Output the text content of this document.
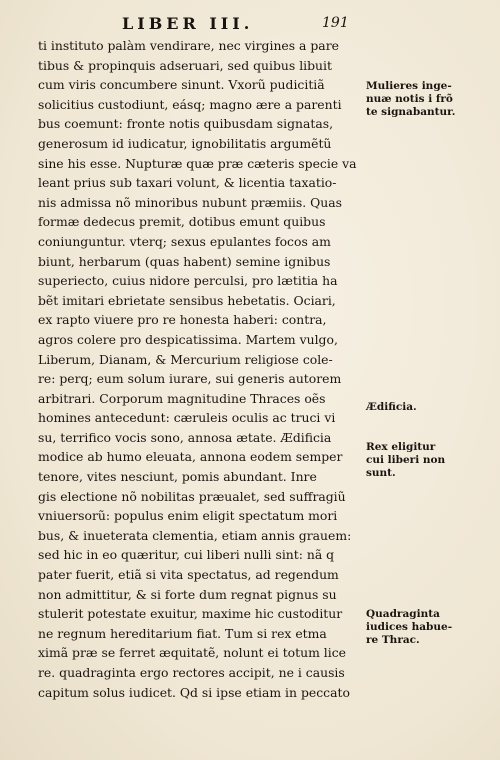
LIBER III.	191
ti instituto palàm vendirare, nec virgines a pare
tibus & propinquis adseruari, sed quibus libuit
cum viris concumbere sinunt. Vxorũ pudicitiã
solicitius custodiunt, eásq; magno ære a parenti
bus coemunt: fronte notis quibusdam signatas,
generosum id iudicatur, ignobilitatis argumẽtũ
sine his esse. Nupturæ quæ præ cæteris specie va
leant prius sub taxari volunt, & licentia taxatio-
nis admissa nõ minoribus nubunt præmiis. Quas
formæ dedecus premit, dotibus emunt quibus
coniunguntur. vterq; sexus epulantes focos am
biunt, herbarum (quas habent) semine ignibus
superiecto, cuius nidore perculsi, pro lætitia ha
bẽt imitari ebrietate sensibus hebetatis. Ociari,
ex rapto viuere pro re honesta haberi: contra,
agros colere pro despicatissima. Martem vulgo,
Liberum, Dianam, & Mercurium religiose cole-
re: perq; eum solum iurare, sui generis autorem
arbitrari. Corporum magnitudine Thraces oẽs
homines antecedunt: cæruleis oculis ac truci vi
su, terrifico vocis sono, annosa ætate. Ædificia
modice ab humo eleuata, annona eodem semper
tenore, vites nesciunt, pomis abundant. Inre
gis electione nõ nobilitas præualet, sed suffragiũ
vniuersorũ: populus enim eligit spectatum mori
bus, & inueterata clementia, etiam annis grauem:
sed hic in eo quæritur, cui liberi nulli sint: nã q
pater fuerit, etiã si vita spectatus, ad regendum
non admittitur, & si forte dum regnat pignus su
stulerit potestate exuitur, maxime hic custoditur
ne regnum hereditarium fiat. Tum si rex etma
ximã præ se ferret æquitatẽ, nolunt ei totum lice
re. quadraginta ergo rectores accipit, ne i causis
capitum solus iudicet. Qd si ipse etiam in peccato
Mulieres inge-
nuæ notis i frõ
te signabantur.
Ædificia.
Rex eligitur
cui liberi non
sunt.
Quadraginta
iudices habue-
re Thrac.
